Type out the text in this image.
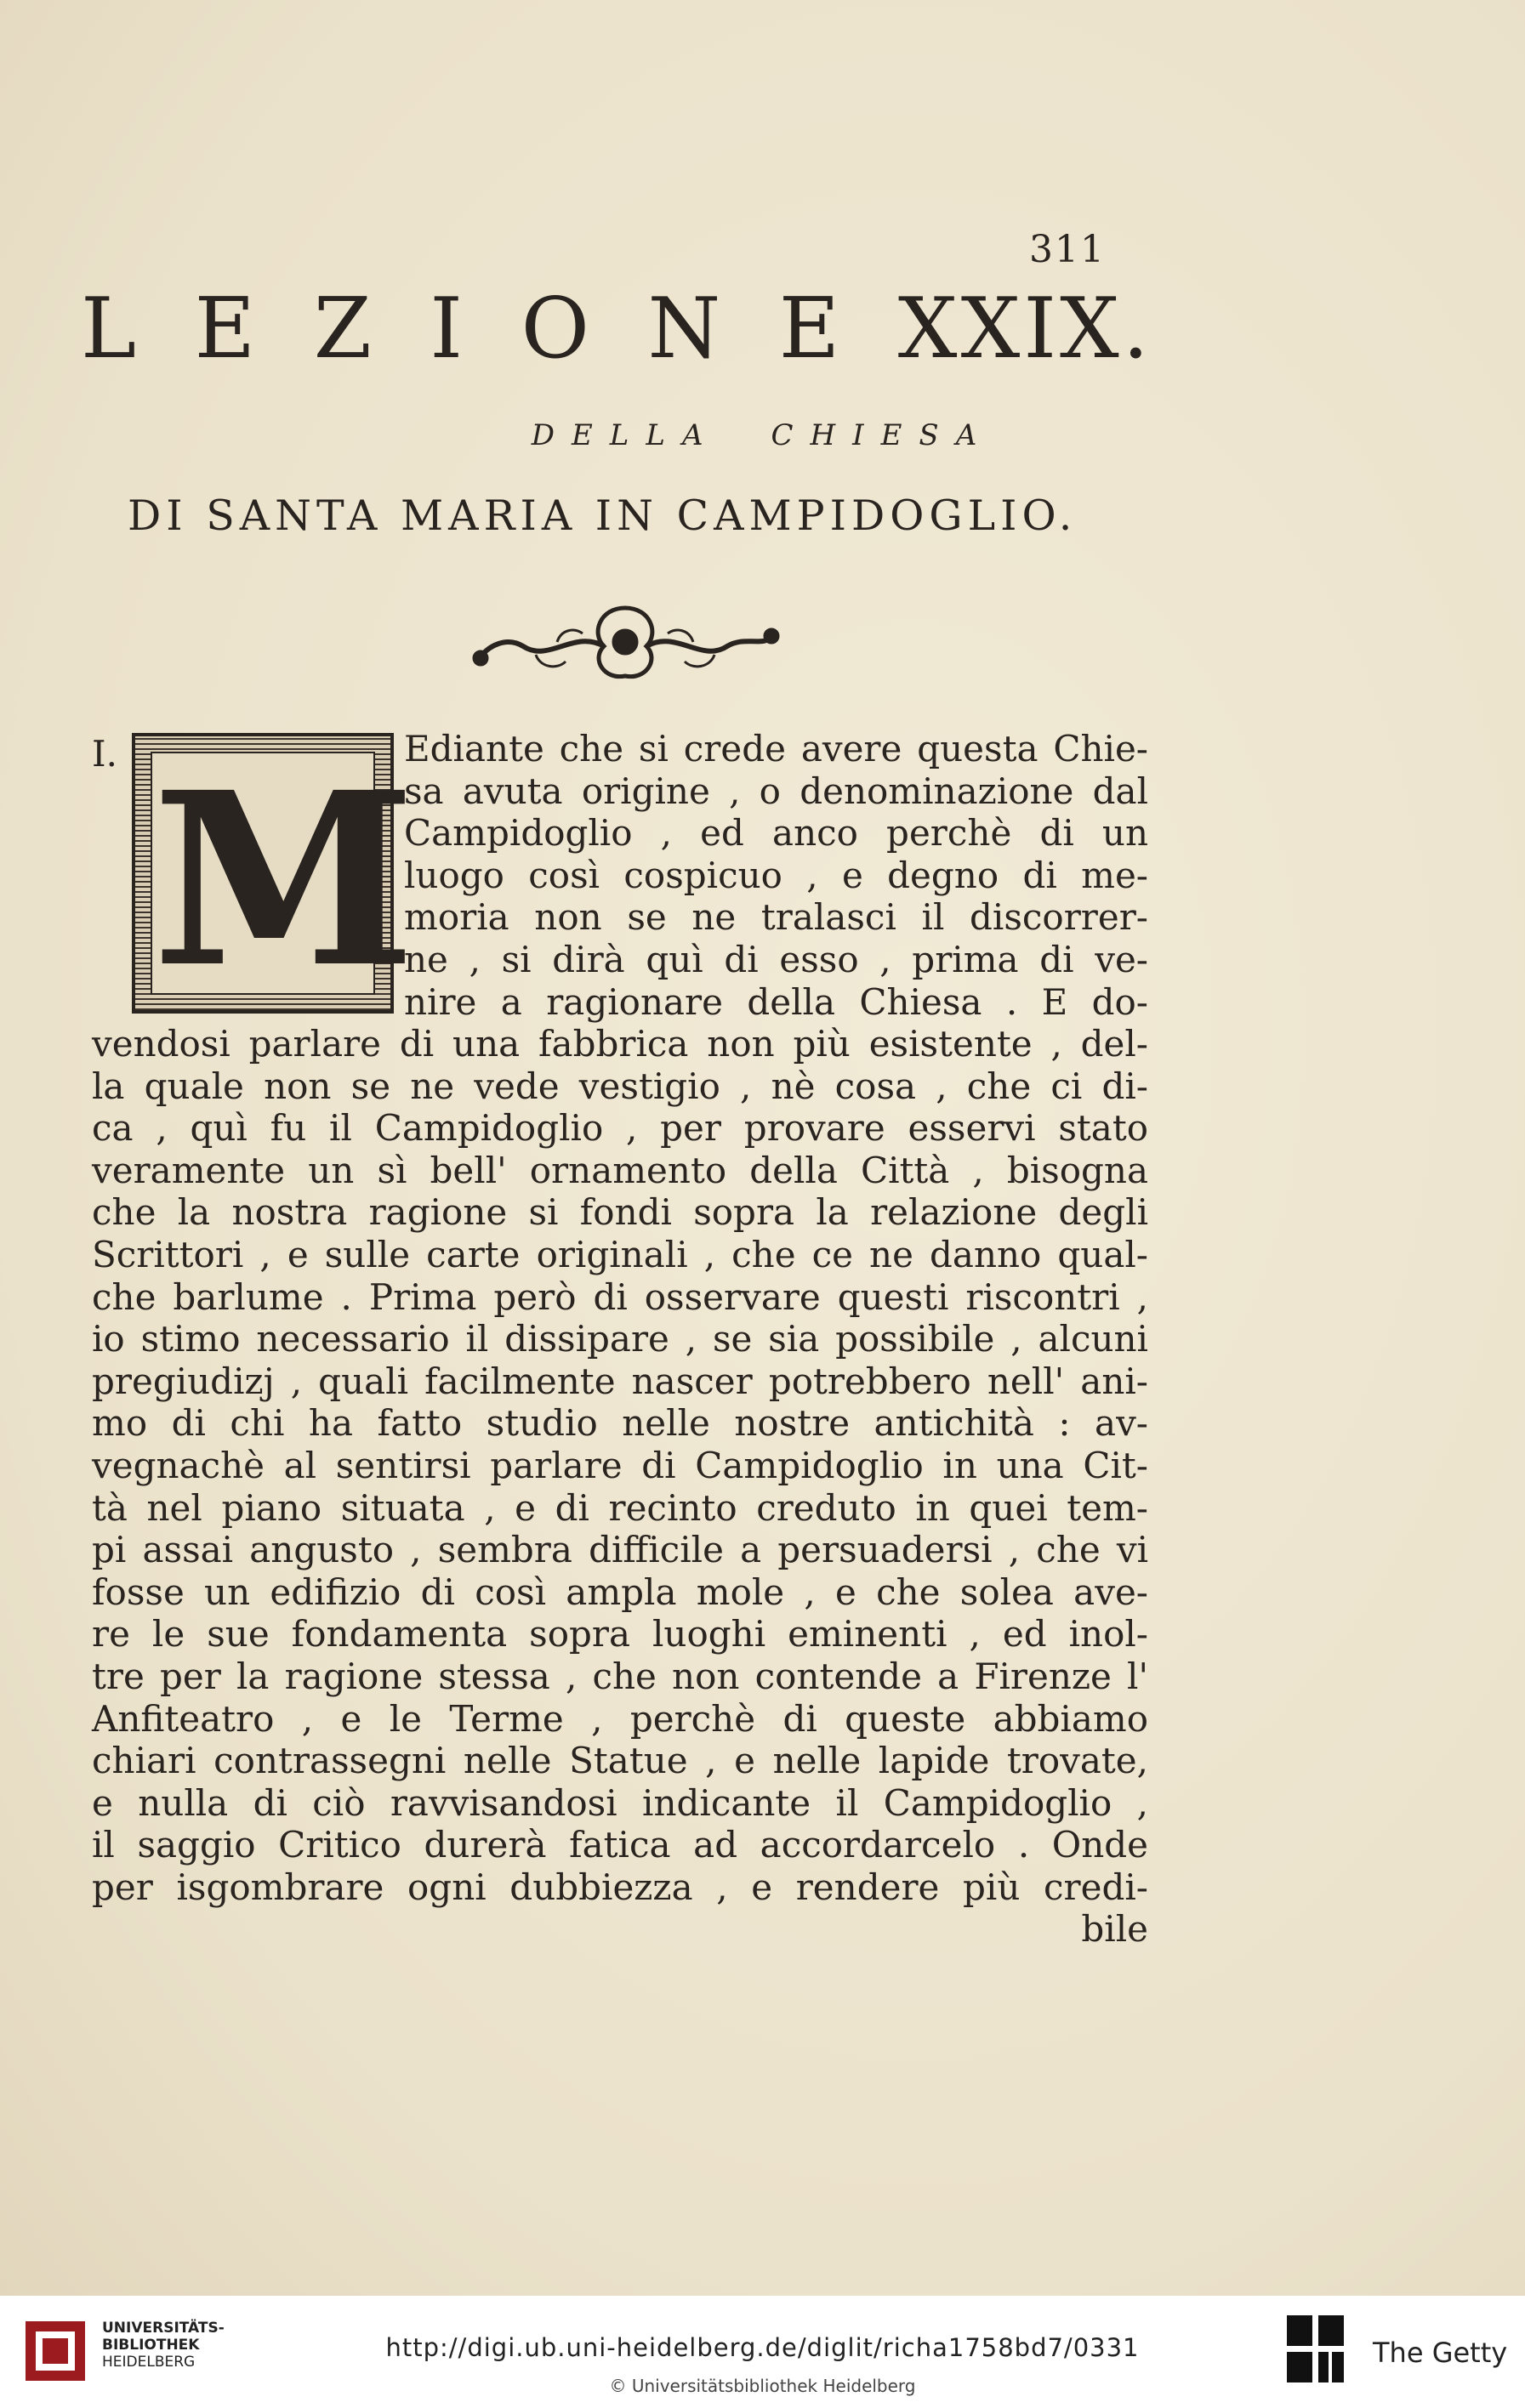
311
L E Z I O N E XXIX.
DELLA CHIESA
DI SANTA MARIA IN CAMPIDOGLIO.
I. M
Ediante che si crede avere questa Chie-
sa avuta origine , o denominazione dal
Campidoglio , ed anco perchè di un
luogo così cospicuo , e degno di me-
moria non se ne tralasci il discorrer-
ne , si dirà quì di esso , prima di ve-
nire a ragionare della Chiesa . E do-
vendosi parlare di una fabbrica non più esistente , del-
la quale non se ne vede vestigio , nè cosa , che ci di-
ca , quì fu il Campidoglio , per provare esservi stato
veramente un sì bell' ornamento della Città , bisogna
che la nostra ragione si fondi sopra la relazione degli
Scrittori , e sulle carte originali , che ce ne danno qual-
che barlume . Prima però di osservare questi riscontri ,
io stimo necessario il dissipare , se sia possibile , alcuni
pregiudizj , quali facilmente nascer potrebbero nell' ani-
mo di chi ha fatto studio nelle nostre antichità : av-
vegnachè al sentirsi parlare di Campidoglio in una Cit-
tà nel piano situata , e di recinto creduto in quei tem-
pi assai angusto , sembra difficile a persuadersi , che vi
fosse un edifizio di così ampla mole , e che solea ave-
re le sue fondamenta sopra luoghi eminenti , ed inol-
tre per la ragione stessa , che non contende a Firenze l'
Anfiteatro , e le Terme , perchè di queste abbiamo
chiari contrassegni nelle Statue , e nelle lapide trovate,
e nulla di ciò ravvisandosi indicante il Campidoglio ,
il saggio Critico durerà fatica ad accordarcelo . Onde
per isgombrare ogni dubbiezza , e rendere più credi-
bile
UNIVERSITÄTS-
BIBLIOTHEK
HEIDELBERG	http://digi.ub.uni-heidelberg.de/diglit/richa1758bd7/0331
© Universitätsbibliothek Heidelberg
The Getty
